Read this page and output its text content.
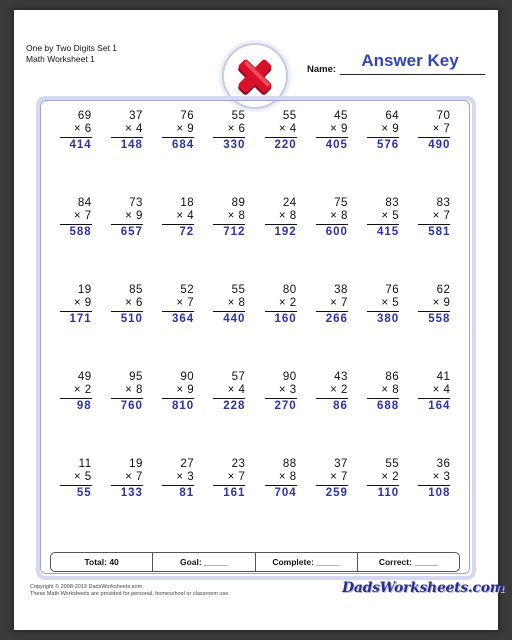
One by Two Digits Set 1
Math Worksheet 1
Name:	Answer Key
69
× 6
414
37
× 4
148
76
× 9
684
55
× 6
330
55
× 4
220
45
× 9
405
64
× 9
576
70
× 7
490
84
× 7
588
73
× 9
657
18
× 4
72
89
× 8
712
24
× 8
192
75
× 8
600
83
× 5
415
83
× 7
581
19
× 9
171
85
× 6
510
52
× 7
364
55
× 8
440
80
× 2
160
38
× 7
266
76
× 5
380
62
× 9
558
49
× 2
98
95
× 8
760
90
× 9
810
57
× 4
228
90
× 3
270
43
× 2
86
86
× 8
688
41
× 4
164
11
× 5
55
19
× 7
133
27
× 3
81
23
× 7
161
88
× 8
704
37
× 7
259
55
× 2
110
36
× 3
108
Total: 40	Goal: _____	Complete: _____	Correct: _____
Copyright © 2008-2019 DadsWorksheets.com
These Math Worksheets are provided for personal, homeschool or classroom use.	DadsWorksheets.com
